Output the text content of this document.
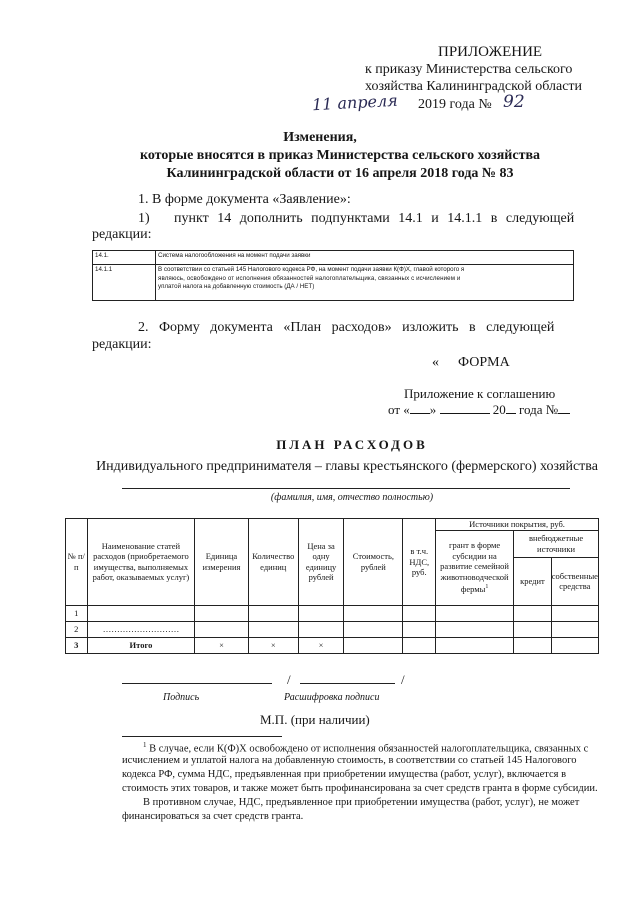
ПРИЛОЖЕНИЕ
к приказу Министерства сельского
хозяйства Калининградской области
11 апреля 2019 года № 92
Изменения,
которые вносятся в приказ Министерства сельского хозяйства
Калининградской области от 16 апреля 2018 года № 83
1. В форме документа «Заявление»:
1) пункт 14 дополнить подпунктами 14.1 и 14.1.1 в следующей
редакции:
14.1.	Система налогообложения на момент подачи заявки
14.1.1	В соответствии со статьей 145 Налогового кодекса РФ, на момент подачи заявки К(Ф)Х, главой которого я
являюсь, освобождено от исполнения обязанностей налогоплательщика, связанных с исчислением и
уплатой налога на добавленную стоимость (ДА / НЕТ)
2. Форму документа «План расходов» изложить в следующей
редакции:
« ФОРМА
Приложение к соглашению
от « »	20 года №
ПЛАН РАСХОДОВ
Индивидуального предпринимателя – главы крестьянского (фермерского) хозяйства
(фамилия, имя, отчество полностью)
№ п/п	Наименование статей расходов (приобретаемого имущества, выполняемых работ, оказываемых услуг)	Единица измерения	Количество единиц	Цена за одну единицу рублей	Стоимость, рублей	в т.ч. НДС, руб.	Источники покрытия, руб.		
							грант в форме субсидии на развитие семейной животноводческой фермы$^1$	внебюджетные источники	
								кредит	собственные средства
1									
2	………………………								
3	Итого	×	×	×					
/	/
Подпись	Расшифровка подписи
М.П. (при наличии)
$^1$ В случае, если К(Ф)Х освобождено от исполнения обязанностей налогоплательщика, связанных с
исчислением и уплатой налога на добавленную стоимость, в соответствии со статьей 145 Налогового
кодекса РФ, сумма НДС, предъявленная при приобретении имущества (работ, услуг), включается в
стоимость этих товаров, и также может быть профинансирована за счет средств гранта в форме субсидии.
В противном случае, НДС, предъявленное при приобретении имущества (работ, услуг), не может
финансироваться за счет средств гранта.
